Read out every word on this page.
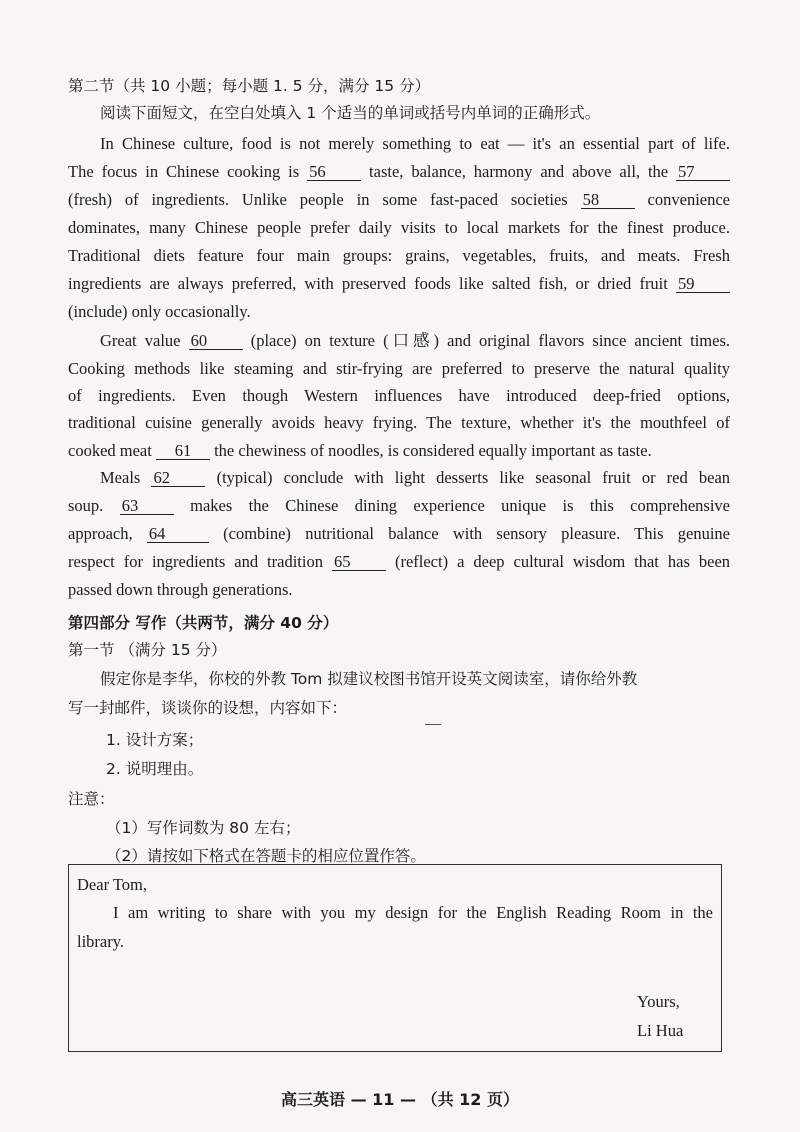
第二节（共 10 小题；每小题 1. 5 分，满分 15 分）
阅读下面短文，在空白处填入 1 个适当的单词或括号内单词的正确形式。
In Chinese culture, food is not merely something to eat — it's an essential part of life.
The focus in Chinese cooking is 56	taste, balance, harmony and above all, the 57
(fresh) of ingredients. Unlike people in some fast-paced societies 58	convenience
dominates, many Chinese people prefer daily visits to local markets for the finest produce.
Traditional diets feature four main groups: grains, vegetables, fruits, and meats. Fresh
ingredients are always preferred, with preserved foods like salted fish, or dried fruit 59
(include) only occasionally.
Great value 60	(place) on texture (口感) and original flavors since ancient times.
Cooking methods like steaming and stir-frying are preferred to preserve the natural quality
of ingredients. Even though Western influences have introduced deep-fried options,
traditional cuisine generally avoids heavy frying. The texture, whether it's the mouthfeel of
cooked meat 61 the chewiness of noodles, is considered equally important as taste.
Meals 62	(typical) conclude with light desserts like seasonal fruit or red bean
soup. 63	makes the Chinese dining experience unique is this comprehensive
approach, 64	(combine) nutritional balance with sensory pleasure. This genuine
respect for ingredients and tradition 65	(reflect) a deep cultural wisdom that has been
passed down through generations.
第四部分 写作（共两节，满分 40 分）
第一节 （满分 15 分）
假定你是李华，你校的外教 Tom 拟建议校图书馆开设英文阅读室，请你给外教
写一封邮件，谈谈你的设想，内容如下：
1. 设计方案；
2. 说明理由。
注意：
（1）写作词数为 80 左右；
（2）请按如下格式在答题卡的相应位置作答。
Dear Tom,
I am writing to share with you my design for the English Reading Room in the
library.
Yours,
Li Hua
高三英语 — 11 — （共 12 页）
